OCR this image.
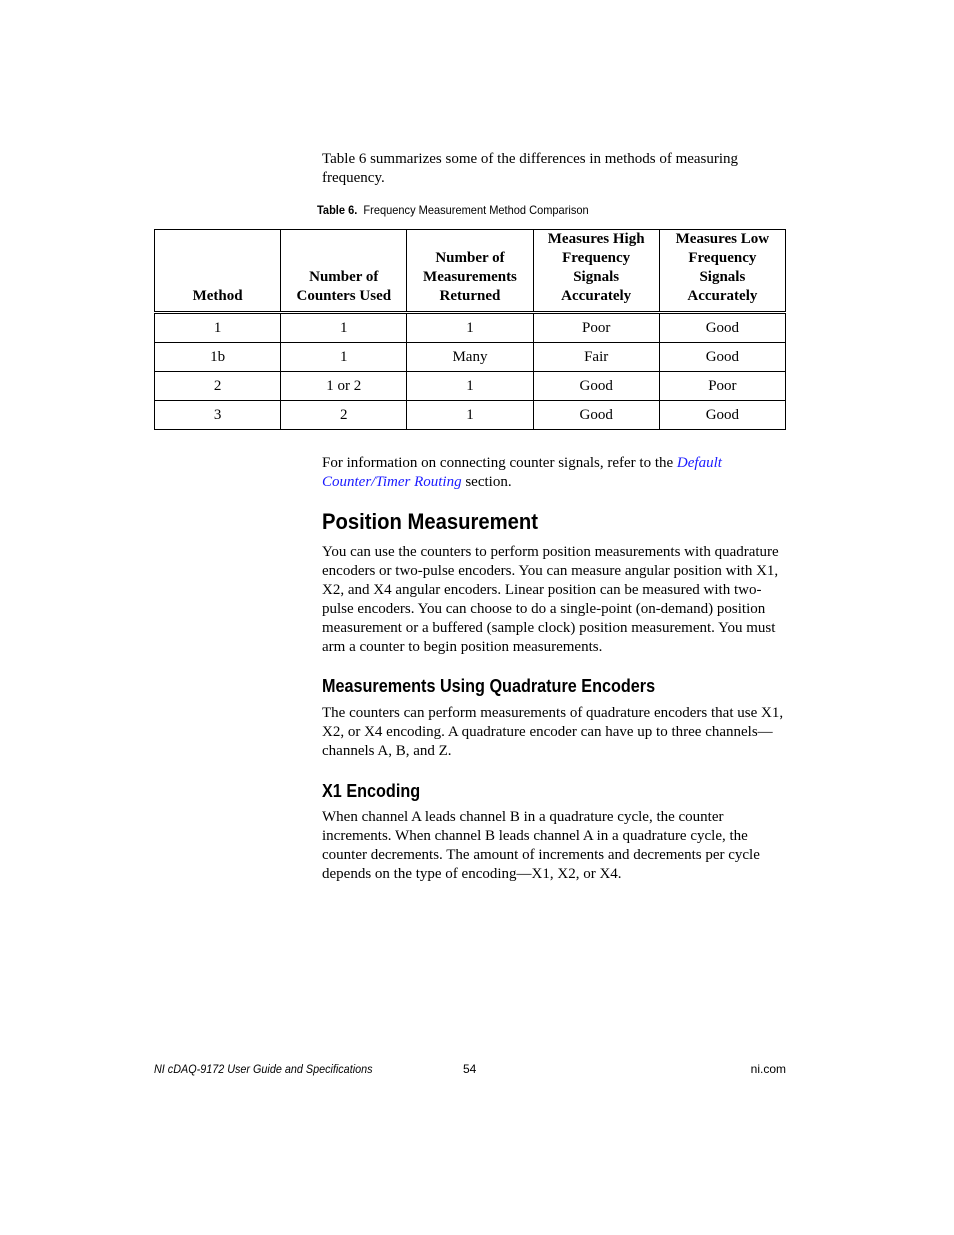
Table 6 summarizes some of the differences in methods of measuring frequency.
Table 6. Frequency Measurement Method Comparison
Method	Number of Counters Used	Number of Measurements Returned	Measures High Frequency Signals Accurately	Measures Low Frequency Signals Accurately
1	1	1	Poor	Good
1b	1	Many	Fair	Good
2	1 or 2	1	Good	Poor
3	2	1	Good	Good
For information on connecting counter signals, refer to the Default Counter/Timer Routing section.
Position Measurement
You can use the counters to perform position measurements with quadrature encoders or two-pulse encoders. You can measure angular position with X1, X2, and X4 angular encoders. Linear position can be measured with two-pulse encoders. You can choose to do a single-point (on-demand) position measurement or a buffered (sample clock) position measurement. You must arm a counter to begin position measurements.
Measurements Using Quadrature Encoders
The counters can perform measurements of quadrature encoders that use X1, X2, or X4 encoding. A quadrature encoder can have up to three channels—channels A, B, and Z.
X1 Encoding
When channel A leads channel B in a quadrature cycle, the counter increments. When channel B leads channel A in a quadrature cycle, the counter decrements. The amount of increments and decrements per cycle depends on the type of encoding—X1, X2, or X4.
NI cDAQ-9172 User Guide and Specifications	54	ni.com
